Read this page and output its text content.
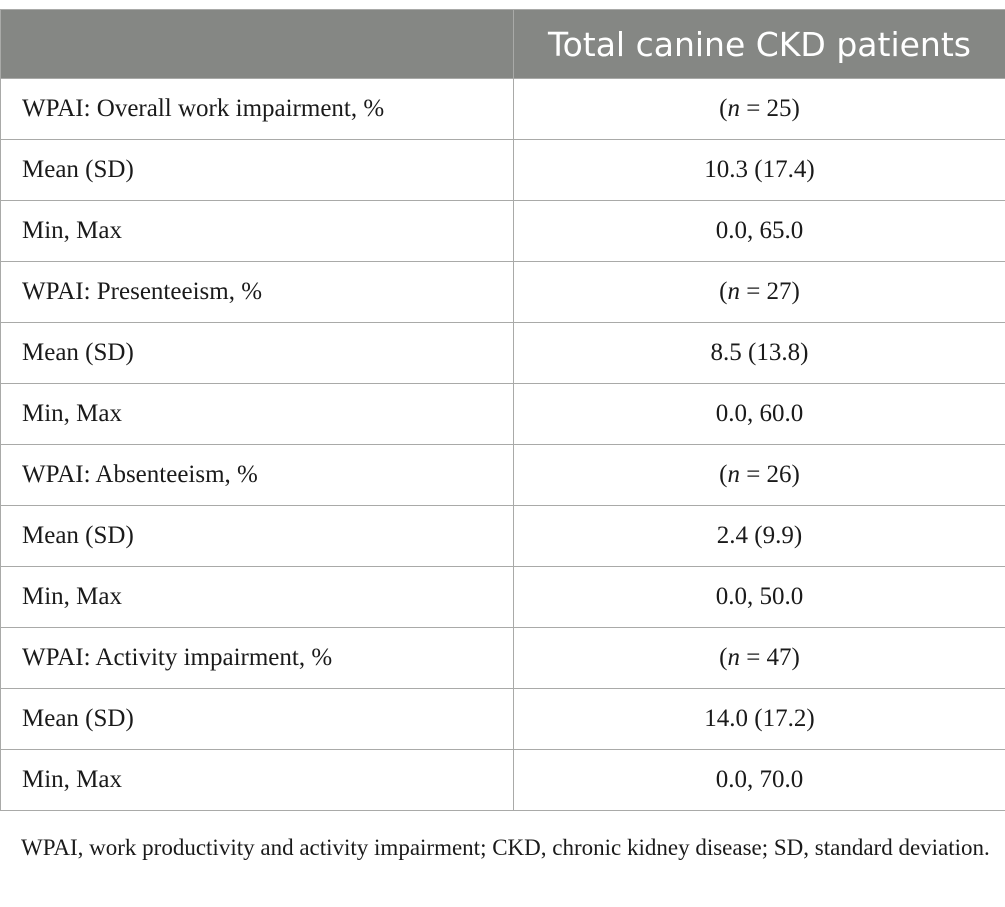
	Total canine CKD patients
WPAI: Overall work impairment, %	(n = 25)
Mean (SD)	10.3 (17.4)
Min, Max	0.0, 65.0
WPAI: Presenteeism, %	(n = 27)
Mean (SD)	8.5 (13.8)
Min, Max	0.0, 60.0
WPAI: Absenteeism, %	(n = 26)
Mean (SD)	2.4 (9.9)
Min, Max	0.0, 50.0
WPAI: Activity impairment, %	(n = 47)
Mean (SD)	14.0 (17.2)
Min, Max	0.0, 70.0
WPAI, work productivity and activity impairment; CKD, chronic kidney disease; SD, standard deviation.
